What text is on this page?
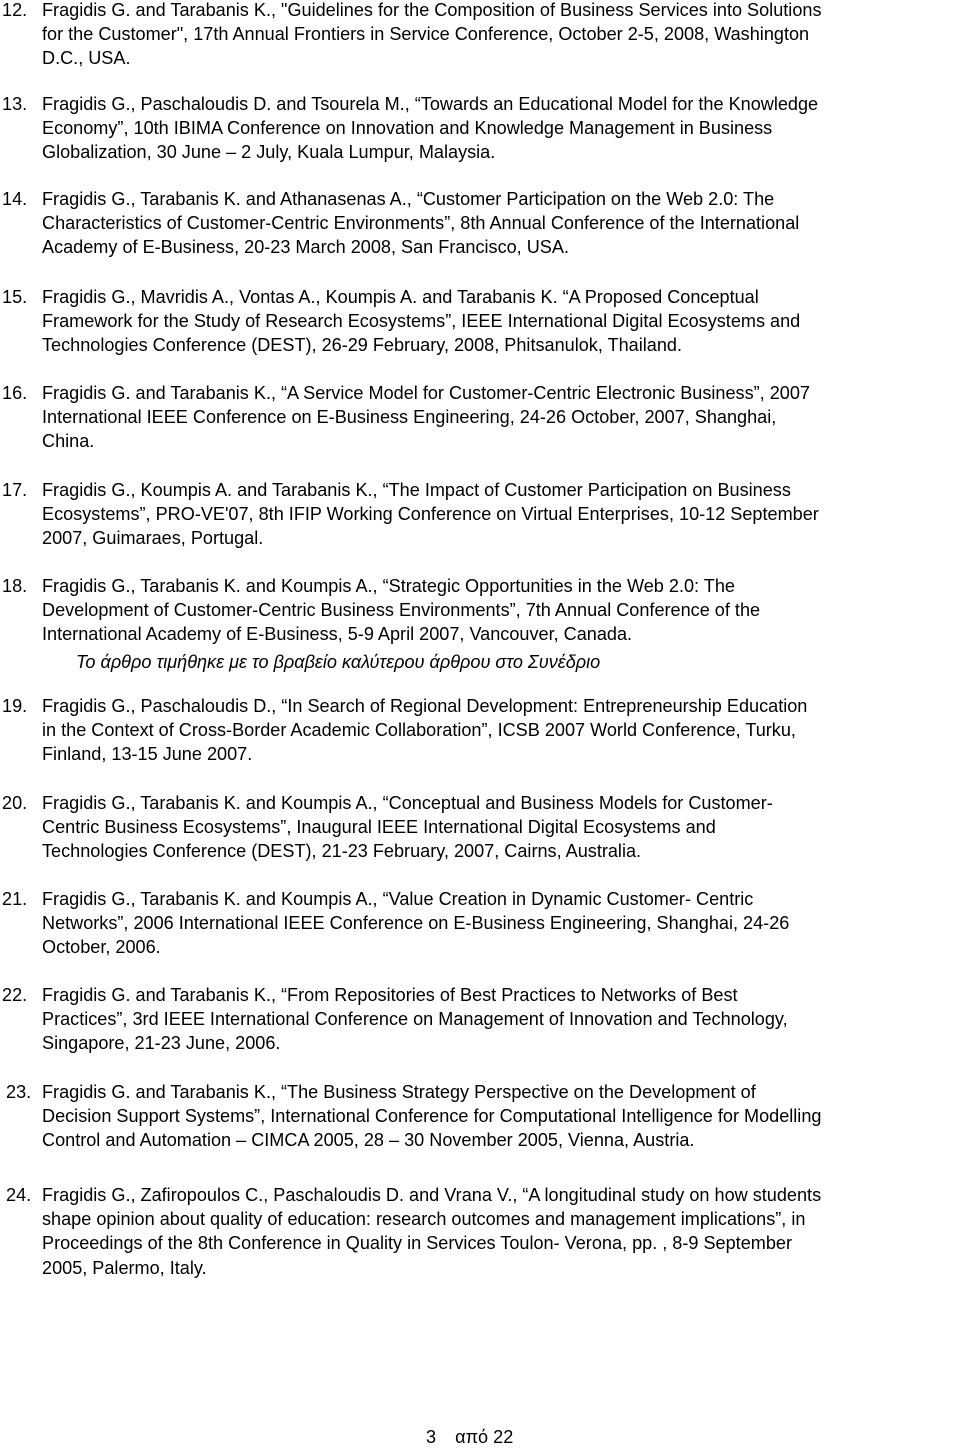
12. Fragidis G. and Tarabanis K., "Guidelines for the Composition of Business Services into Solutions
for the Customer", 17th Annual Frontiers in Service Conference, October 2-5, 2008, Washington
D.C., USA.
13. Fragidis G., Paschaloudis D. and Tsourela M., “Towards an Educational Model for the Knowledge
Economy”, 10th IBIMA Conference on Innovation and Knowledge Management in Business
Globalization, 30 June – 2 July, Kuala Lumpur, Malaysia.
14. Fragidis G., Tarabanis K. and Athanasenas A., “Customer Participation on the Web 2.0: The
Characteristics of Customer-Centric Environments”, 8th Annual Conference of the International
Academy of E-Business, 20-23 March 2008, San Francisco, USA.
15. Fragidis G., Mavridis A., Vontas A., Koumpis A. and Tarabanis K. “A Proposed Conceptual
Framework for the Study of Research Ecosystems”, IEEE International Digital Ecosystems and
Technologies Conference (DEST), 26-29 February, 2008, Phitsanulok, Thailand.
16. Fragidis G. and Tarabanis K., “A Service Model for Customer-Centric Electronic Business”, 2007
International IEEE Conference on E-Business Engineering, 24-26 October, 2007, Shanghai,
China.
17. Fragidis G., Koumpis A. and Tarabanis K., “The Impact of Customer Participation on Business
Ecosystems”, PRO-VE'07, 8th IFIP Working Conference on Virtual Enterprises, 10-12 September
2007, Guimaraes, Portugal.
18. Fragidis G., Tarabanis K. and Koumpis A., “Strategic Opportunities in the Web 2.0: The
Development of Customer-Centric Business Environments”, 7th Annual Conference of the
International Academy of E-Business, 5-9 April 2007, Vancouver, Canada.
Το άρθρο τιμήθηκε με το βραβείο καλύτερου άρθρου στο Συνέδριο
19. Fragidis G., Paschaloudis D., “In Search of Regional Development: Entrepreneurship Education
in the Context of Cross-Border Academic Collaboration”, ICSB 2007 World Conference, Turku,
Finland, 13-15 June 2007.
20. Fragidis G., Tarabanis K. and Koumpis A., “Conceptual and Business Models for Customer-
Centric Business Ecosystems”, Inaugural IEEE International Digital Ecosystems and
Technologies Conference (DEST), 21-23 February, 2007, Cairns, Australia.
21. Fragidis G., Tarabanis K. and Koumpis A., “Value Creation in Dynamic Customer- Centric
Networks”, 2006 International IEEE Conference on E-Business Engineering, Shanghai, 24-26
October, 2006.
22. Fragidis G. and Tarabanis K., “From Repositories of Best Practices to Networks of Best
Practices”, 3rd IEEE International Conference on Management of Innovation and Technology,
Singapore, 21-23 June, 2006.
23. Fragidis G. and Tarabanis K., “The Business Strategy Perspective on the Development of
Decision Support Systems”, International Conference for Computational Intelligence for Modelling
Control and Automation – CIMCA 2005, 28 – 30 November 2005, Vienna, Austria.
24. Fragidis G., Zafiropoulos C., Paschaloudis D. and Vrana V., “A longitudinal study on how students
shape opinion about quality of education: research outcomes and management implications”, in
Proceedings of the 8th Conference in Quality in Services Toulon- Verona, pp. , 8-9 September
2005, Palermo, Italy.
3 από 22
